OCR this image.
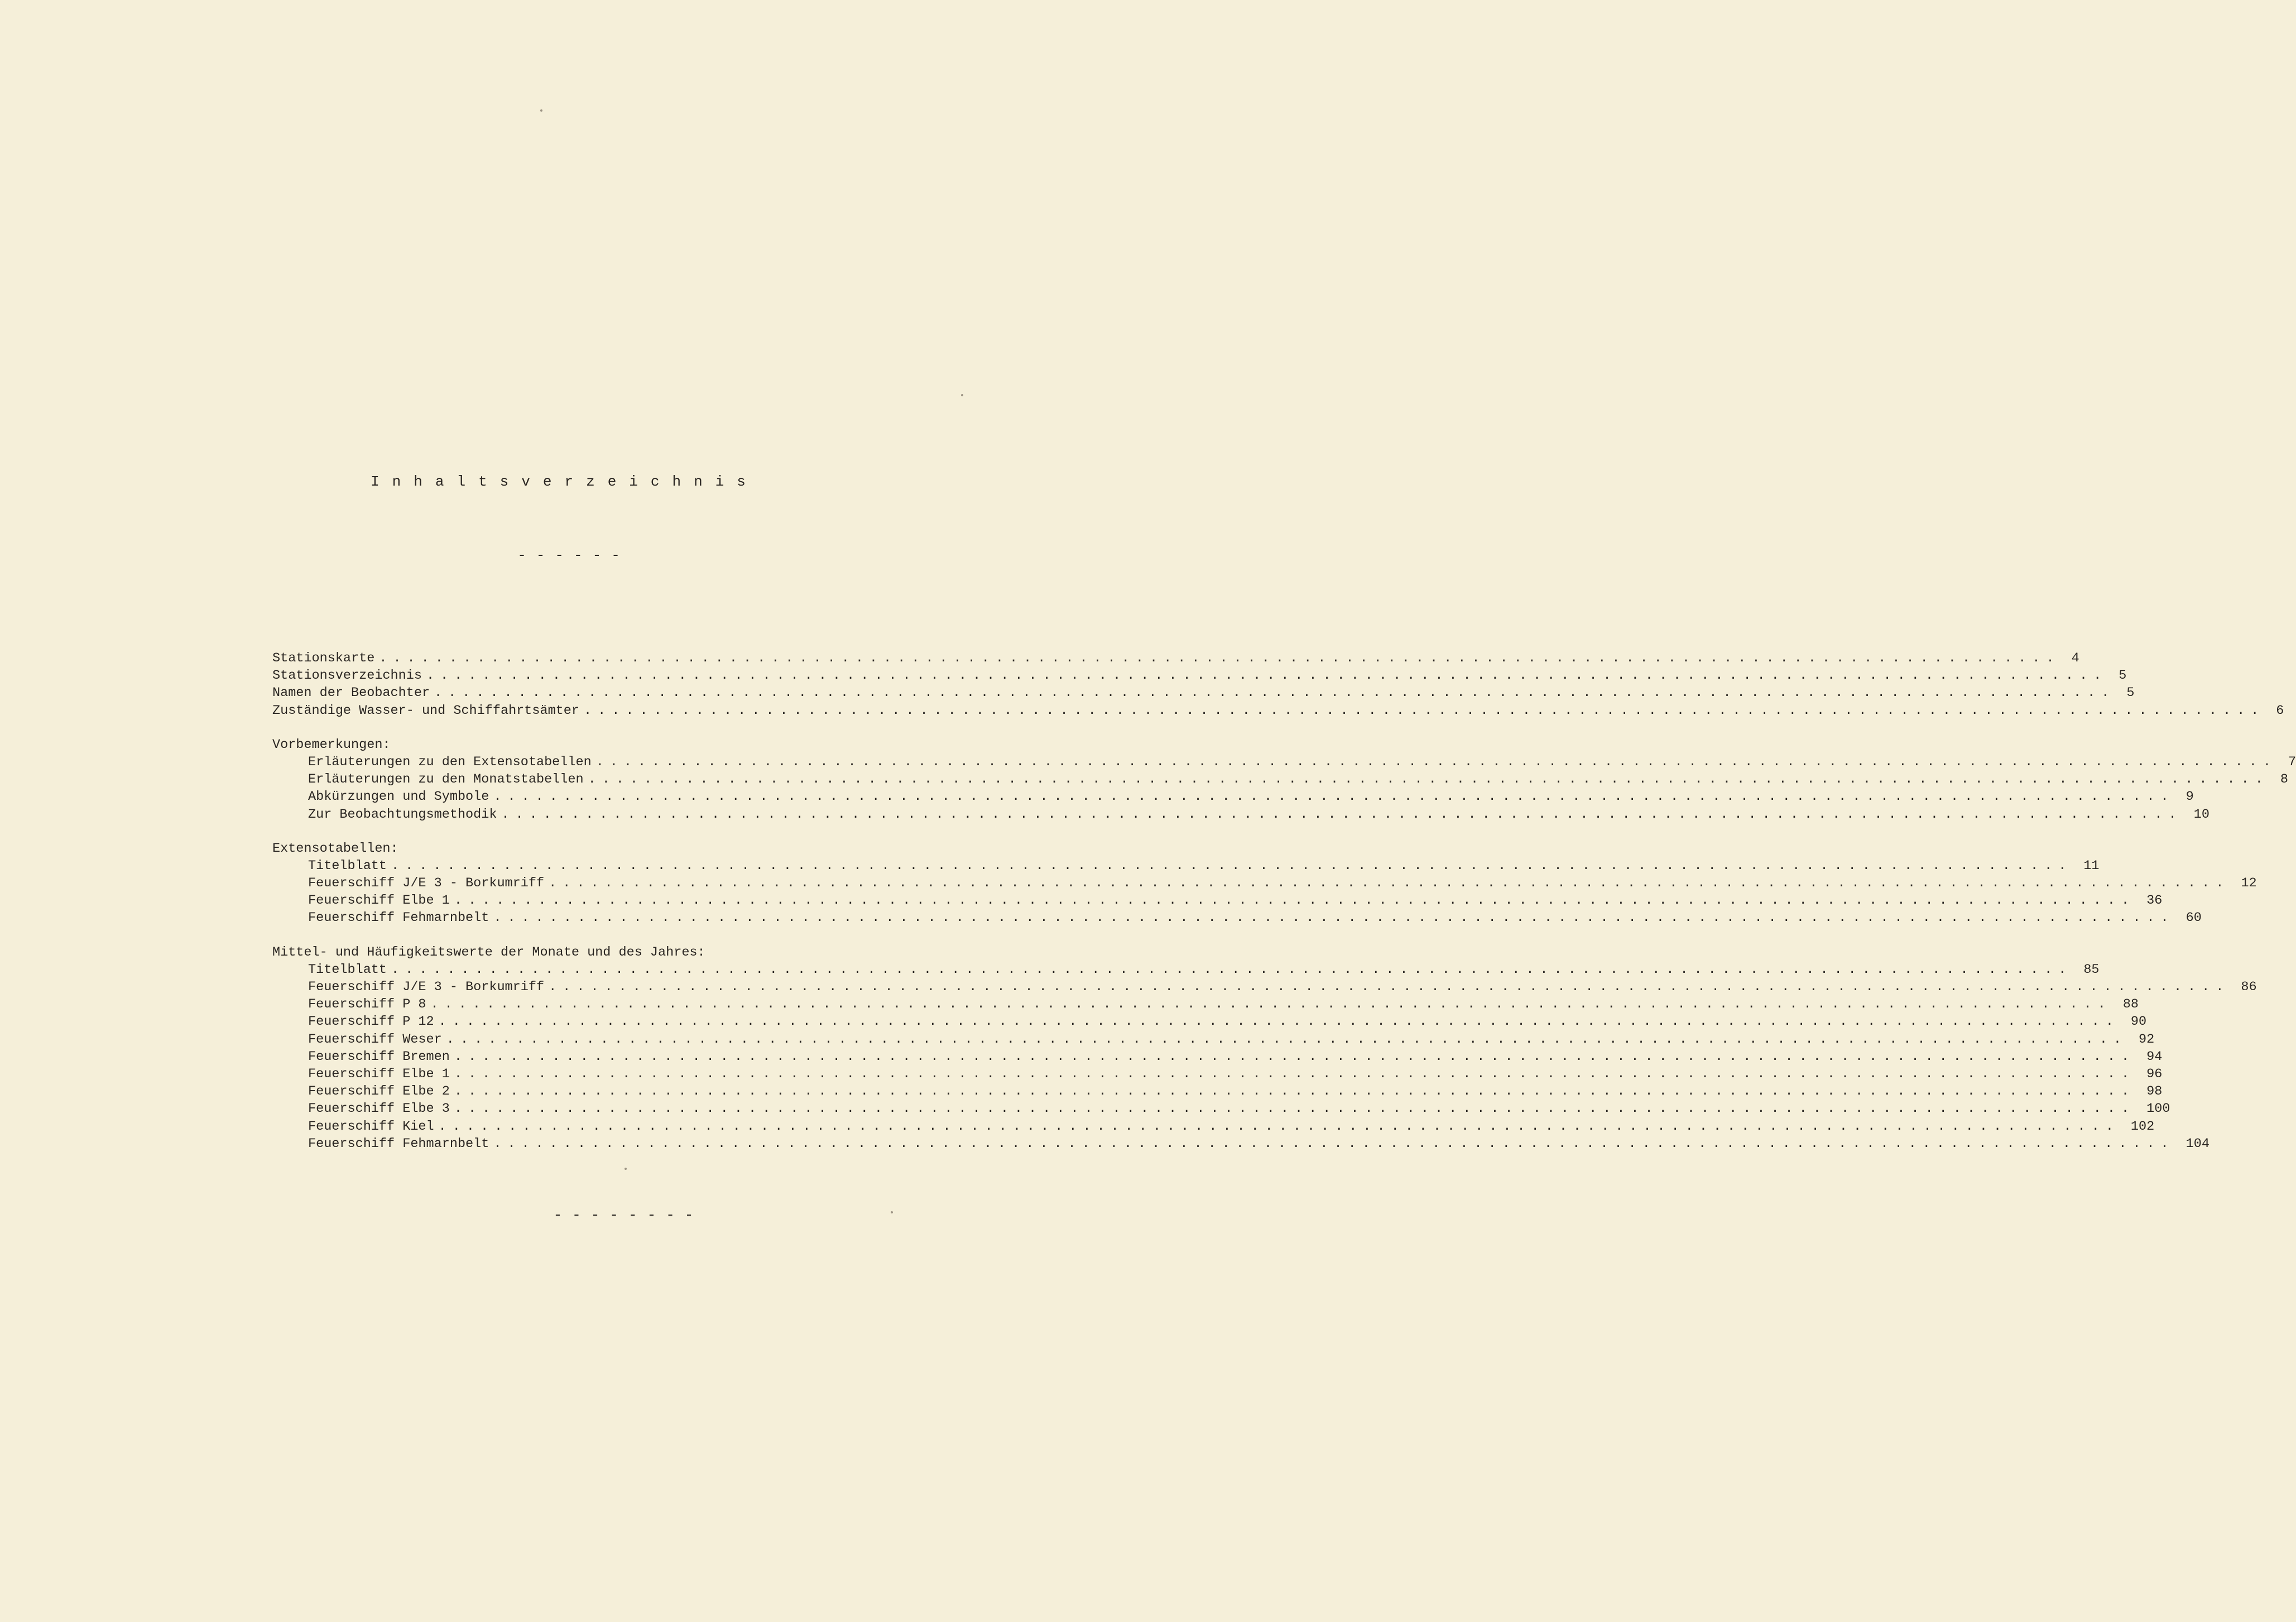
Inhaltsverzeichnis
------
Stationskarte ........................................................................................................................ 4
Stationsverzeichnis ........................................................................................................................ 5
Namen der Beobachter ........................................................................................................................ 5
Zuständige Wasser- und Schiffahrtsämter ........................................................................................................................ 6
Vorbemerkungen:
Erläuterungen zu den Extensotabellen ........................................................................................................................ 7
Erläuterungen zu den Monatstabellen ........................................................................................................................ 8
Abkürzungen und Symbole ........................................................................................................................ 9
Zur Beobachtungsmethodik ........................................................................................................................ 10
Extensotabellen:
Titelblatt ........................................................................................................................ 11
Feuerschiff J/E 3 - Borkumriff ........................................................................................................................ 12
Feuerschiff Elbe 1 ........................................................................................................................ 36
Feuerschiff Fehmarnbelt ........................................................................................................................ 60
Mittel- und Häufigkeitswerte der Monate und des Jahres:
Titelblatt ........................................................................................................................ 85
Feuerschiff J/E 3 - Borkumriff ........................................................................................................................ 86
Feuerschiff P 8 ........................................................................................................................ 88
Feuerschiff P 12 ........................................................................................................................ 90
Feuerschiff Weser ........................................................................................................................ 92
Feuerschiff Bremen ........................................................................................................................ 94
Feuerschiff Elbe 1 ........................................................................................................................ 96
Feuerschiff Elbe 2 ........................................................................................................................ 98
Feuerschiff Elbe 3 ........................................................................................................................ 100
Feuerschiff Kiel ........................................................................................................................ 102
Feuerschiff Fehmarnbelt ........................................................................................................................ 104
--------
